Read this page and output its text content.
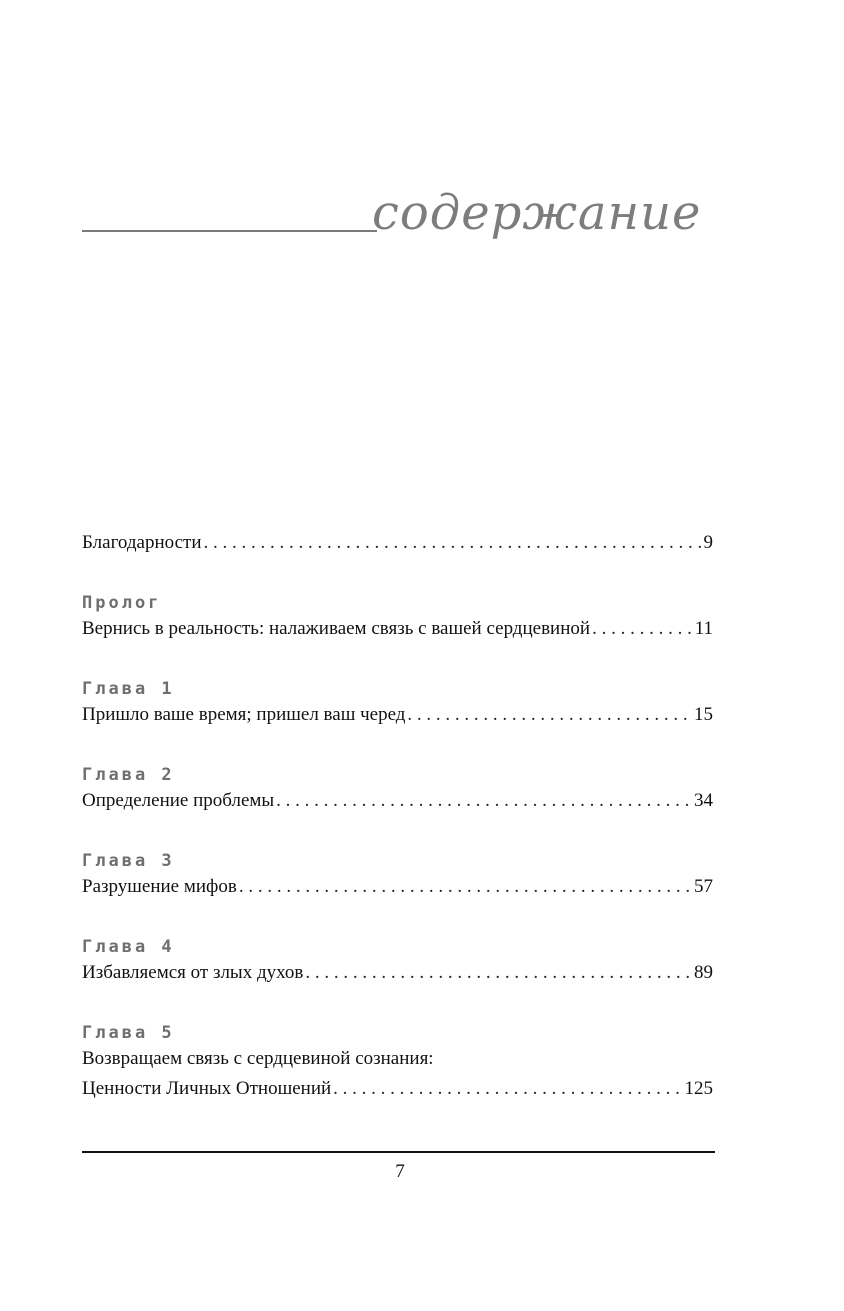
содержание
Благодарности . . .	9
Пролог
Вернись в реальность: налаживаем связь с вашей сердцевиной . . .	11
Глава 1
Пришло ваше время; пришел ваш черед . . .	15
Глава 2
Определение проблемы . . .	34
Глава 3
Разрушение мифов . . .	57
Глава 4
Избавляемся от злых духов . . .	89
Глава 5
Возвращаем связь с сердцевиной сознания:
Ценности Личных Отношений . . .	125
7
